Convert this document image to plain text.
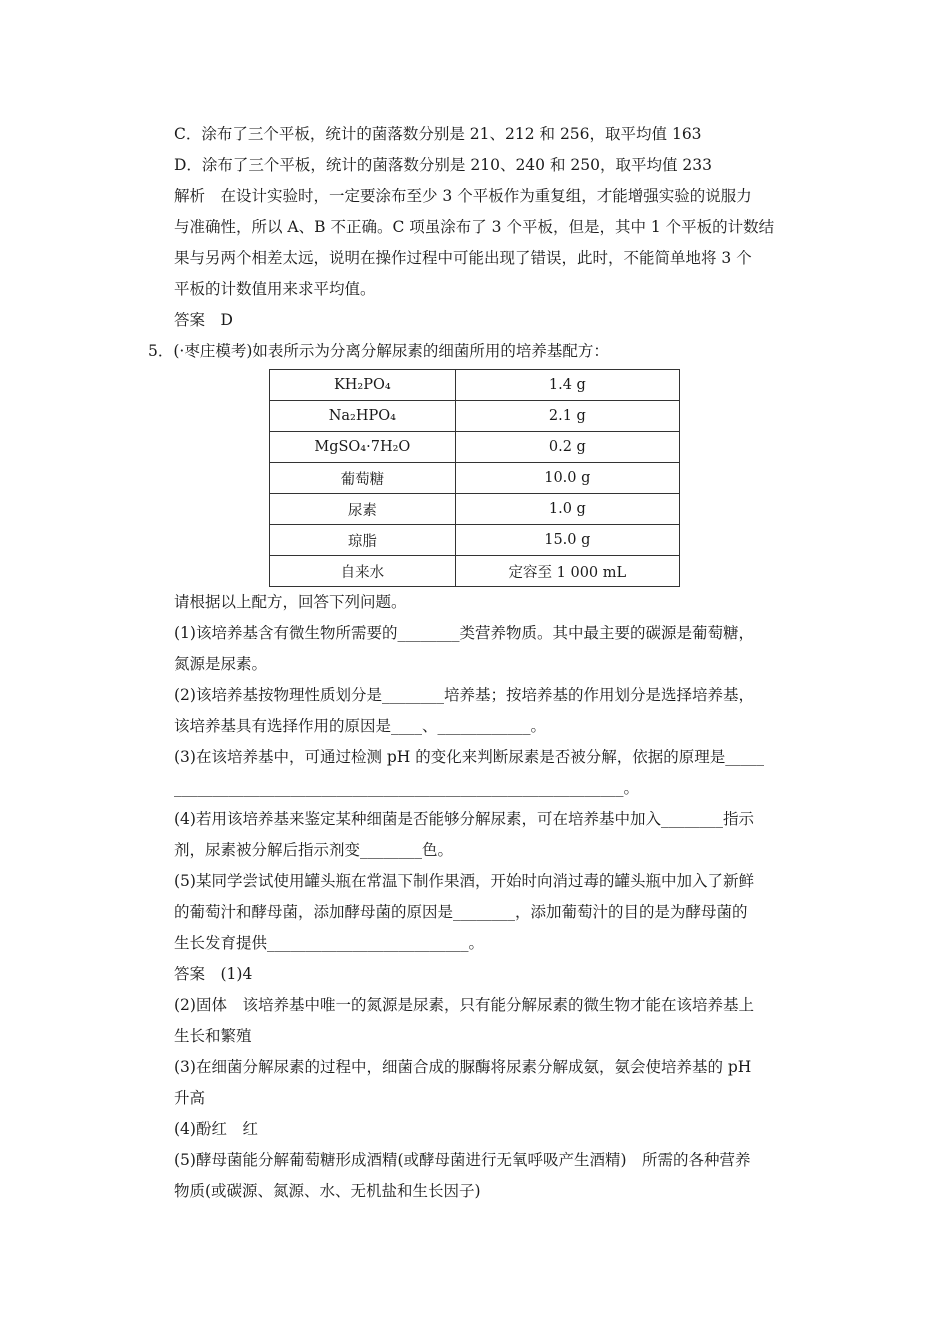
C．涂布了三个平板，统计的菌落数分别是 21、212 和 256，取平均值 163
D．涂布了三个平板，统计的菌落数分别是 210、240 和 250，取平均值 233
解析　在设计实验时，一定要涂布至少 3 个平板作为重复组，才能增强实验的说服力
与准确性，所以 A、B 不正确。C 项虽涂布了 3 个平板，但是，其中 1 个平板的计数结
果与另两个相差太远，说明在操作过程中可能出现了错误，此时，不能简单地将 3 个
平板的计数值用来求平均值。
答案　D
5．(·枣庄模考)如表所示为分离分解尿素的细菌所用的培养基配方：
KH₂PO₄	1.4 g
Na₂HPO₄	2.1 g
MgSO₄·7H₂O	0.2 g
葡萄糖	10.0 g
尿素	1.0 g
琼脂	15.0 g
自来水	定容至 1 000 mL
请根据以上配方，回答下列问题。
(1)该培养基含有微生物所需要的________类营养物质。其中最主要的碳源是葡萄糖，
氮源是尿素。
(2)该培养基按物理性质划分是________培养基；按培养基的作用划分是选择培养基，
该培养基具有选择作用的原因是____、____________。
(3)在该培养基中，可通过检测 pH 的变化来判断尿素是否被分解，依据的原理是_____
__________________________________________________________。
(4)若用该培养基来鉴定某种细菌是否能够分解尿素，可在培养基中加入________指示
剂，尿素被分解后指示剂变________色。
(5)某同学尝试使用罐头瓶在常温下制作果酒，开始时向消过毒的罐头瓶中加入了新鲜
的葡萄汁和酵母菌，添加酵母菌的原因是________，添加葡萄汁的目的是为酵母菌的
生长发育提供__________________________。
答案　(1)4
(2)固体　该培养基中唯一的氮源是尿素，只有能分解尿素的微生物才能在该培养基上
生长和繁殖
(3)在细菌分解尿素的过程中，细菌合成的脲酶将尿素分解成氨，氨会使培养基的 pH
升高
(4)酚红　红
(5)酵母菌能分解葡萄糖形成酒精(或酵母菌进行无氧呼吸产生酒精)　所需的各种营养
物质(或碳源、氮源、水、无机盐和生长因子)
